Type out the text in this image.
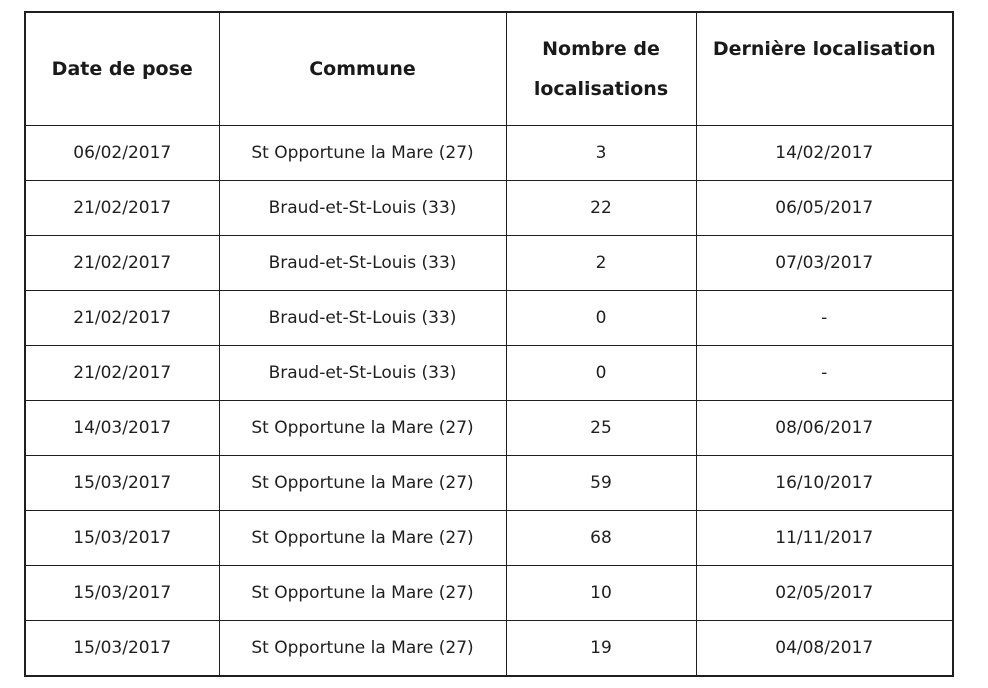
Date de pose	Commune	Nombre de localisations	Dernière localisation
06/02/2017	St Opportune la Mare (27)	3	14/02/2017
21/02/2017	Braud-et-St-Louis (33)	22	06/05/2017
21/02/2017	Braud-et-St-Louis (33)	2	07/03/2017
21/02/2017	Braud-et-St-Louis (33)	0	-
21/02/2017	Braud-et-St-Louis (33)	0	-
14/03/2017	St Opportune la Mare (27)	25	08/06/2017
15/03/2017	St Opportune la Mare (27)	59	16/10/2017
15/03/2017	St Opportune la Mare (27)	68	11/11/2017
15/03/2017	St Opportune la Mare (27)	10	02/05/2017
15/03/2017	St Opportune la Mare (27)	19	04/08/2017
